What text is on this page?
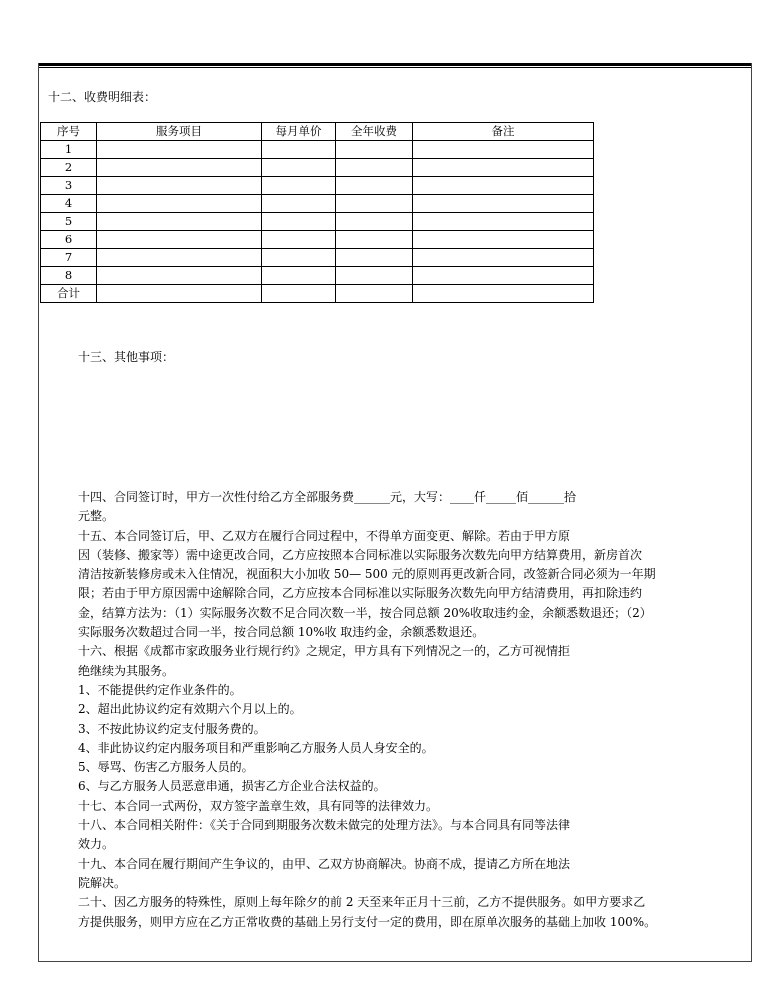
十二、收费明细表：
序号	服务项目	每月单价	全年收费	备注
1				
2				
3				
4				
5				
6				
7				
8				
合计				
十三、其他事项：
十四、合同签订时，甲方一次性付给乙方全部服务费______元，大写：____仟_____佰______拾
元整。
十五、本合同签订后，甲、乙双方在履行合同过程中，不得单方面变更、解除。若由于甲方原
因（装修、搬家等）需中途更改合同，乙方应按照本合同标准以实际服务次数先向甲方结算费用，新房首次
清洁按新装修房或未入住情况，视面积大小加收 50— 500 元的原则再更改新合同，改签新合同必须为一年期
限；若由于甲方原因需中途解除合同，乙方应按本合同标准以实际服务次数先向甲方结清费用，再扣除违约
金，结算方法为：（1）实际服务次数不足合同次数一半，按合同总额 20%收取违约金，余额悉数退还；（2）
实际服务次数超过合同一半，按合同总额 10%收 取违约金，余额悉数退还。
十六、根据《成都市家政服务业行规行约》之规定，甲方具有下列情况之一的，乙方可视情拒
绝继续为其服务。
1、不能提供约定作业条件的。
2、超出此协议约定有效期六个月以上的。
3、不按此协议约定支付服务费的。
4、非此协议约定内服务项目和严重影响乙方服务人员人身安全的。
5、辱骂、伤害乙方服务人员的。
6、与乙方服务人员恶意串通，损害乙方企业合法权益的。
十七、本合同一式两份，双方签字盖章生效，具有同等的法律效力。
十八、本合同相关附件：《关于合同到期服务次数未做完的处理方法》。与本合同具有同等法律
效力。
十九、本合同在履行期间产生争议的，由甲、乙双方协商解决。协商不成，提请乙方所在地法
院解决。
二十、因乙方服务的特殊性，原则上每年除夕的前 2 天至来年正月十三前，乙方不提供服务。如甲方要求乙
方提供服务，则甲方应在乙方正常收费的基础上另行支付一定的费用，即在原单次服务的基础上加收 100%。
